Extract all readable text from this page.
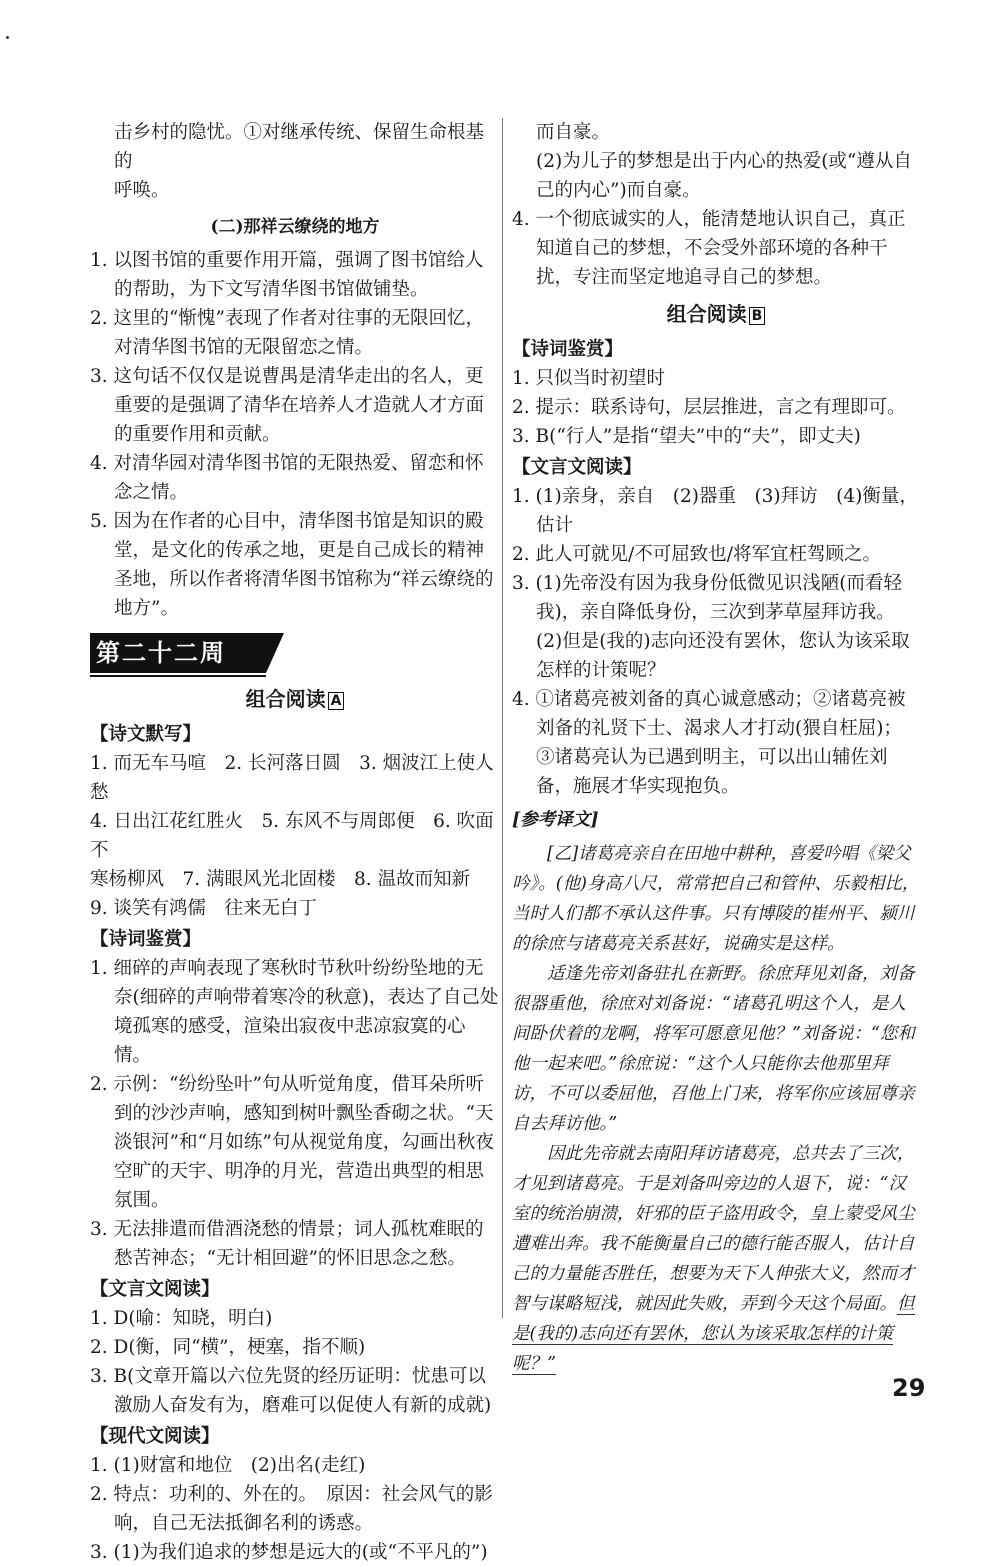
击乡村的隐忧。①对继承传统、保留生命根基的

呼唤。

(二)那祥云缭绕的地方

1. 以图书馆的重要作用开篇，强调了图书馆给人的帮助，为下文写清华图书馆做铺垫。

2. 这里的“惭愧”表现了作者对往事的无限回忆，对清华图书馆的无限留恋之情。

3. 这句话不仅仅是说曹禺是清华走出的名人，更重要的是强调了清华在培养人才造就人才方面的重要作用和贡献。

4. 对清华园对清华图书馆的无限热爱、留恋和怀念之情。

5. 因为在作者的心目中，清华图书馆是知识的殿堂，是文化的传承之地，更是自己成长的精神圣地，所以作者将清华图书馆称为“祥云缭绕的地方”。

第二十二周

组合阅读 A

【诗文默写】

1. 而无车马喧　2. 长河落日圆　3. 烟波江上使人愁

4. 日出江花红胜火　5. 东风不与周郎便　6. 吹面不

寒杨柳风　7. 满眼风光北固楼　8. 温故而知新

9. 谈笑有鸿儒　往来无白丁

【诗词鉴赏】

1. 细碎的声响表现了寒秋时节秋叶纷纷坠地的无奈(细碎的声响带着寒冷的秋意)，表达了自己处境孤寒的感受，渲染出寂夜中悲凉寂寞的心情。

2. 示例：“纷纷坠叶”句从听觉角度，借耳朵所听到的沙沙声响，感知到树叶飘坠香砌之状。“天淡银河”和“月如练”句从视觉角度，勾画出秋夜空旷的天宇、明净的月光，营造出典型的相思氛围。

3. 无法排遣而借酒浇愁的情景；词人孤枕难眠的愁苦神态；“无计相回避”的怀旧思念之愁。

【文言文阅读】

1. D(喻：知晓，明白)

2. D(衡，同“横”，梗塞，指不顺)

3. B(文章开篇以六位先贤的经历证明：忧患可以激励人奋发有为，磨难可以促使人有新的成就)

【现代文阅读】

1. (1)财富和地位　(2)出名(走红)

2. 特点：功利的、外在的。　原因：社会风气的影响，自己无法抵御名利的诱惑。

3. (1)为我们追求的梦想是远大的(或“不平凡的”)

而自豪。

(2)为儿子的梦想是出于内心的热爱(或“遵从自己的内心”)而自豪。

4. 一个彻底诚实的人，能清楚地认识自己，真正知道自己的梦想，不会受外部环境的各种干扰，专注而坚定地追寻自己的梦想。

组合阅读 B

【诗词鉴赏】

1. 只似当时初望时

2. 提示：联系诗句，层层推进，言之有理即可。

3. B(“行人”是指“望夫”中的“夫”，即丈夫)

【文言文阅读】

1. (1)亲身，亲自　(2)器重　(3)拜访　(4)衡量，估计

2. 此人可就见/不可屈致也/将军宜枉驾顾之。

3. (1)先帝没有因为我身份低微见识浅陋(而看轻我)，亲自降低身份，三次到茅草屋拜访我。

(2)但是(我的)志向还没有罢休，您认为该采取怎样的计策呢？

4. ①诸葛亮被刘备的真心诚意感动；②诸葛亮被刘备的礼贤下士、渴求人才打动(猥自枉屈)；③诸葛亮认为已遇到明主，可以出山辅佐刘备，施展才华实现抱负。

[参考译文]

[乙]诸葛亮亲自在田地中耕种，喜爱吟唱《梁父吟》。(他)身高八尺，常常把自己和管仲、乐毅相比，当时人们都不承认这件事。只有博陵的崔州平、颍川的徐庶与诸葛亮关系甚好，说确实是这样。

适逢先帝刘备驻扎在新野。徐庶拜见刘备，刘备很器重他，徐庶对刘备说：“诸葛孔明这个人，是人间卧伏着的龙啊，将军可愿意见他？”刘备说：“您和他一起来吧。”徐庶说：“这个人只能你去他那里拜访，不可以委屈他，召他上门来，将军你应该屈尊亲自去拜访他。”

因此先帝就去南阳拜访诸葛亮，总共去了三次，才见到诸葛亮。于是刘备叫旁边的人退下，说：“汉室的统治崩溃，奸邪的臣子盗用政令，皇上蒙受风尘遭难出奔。我不能衡量自己的德行能否服人，估计自己的力量能否胜任，想要为天下人伸张大义，然而才智与谋略短浅，就因此失败，弄到今天这个局面。但是(我的)志向还有罢休，您认为该采取怎样的计策呢？”

29
